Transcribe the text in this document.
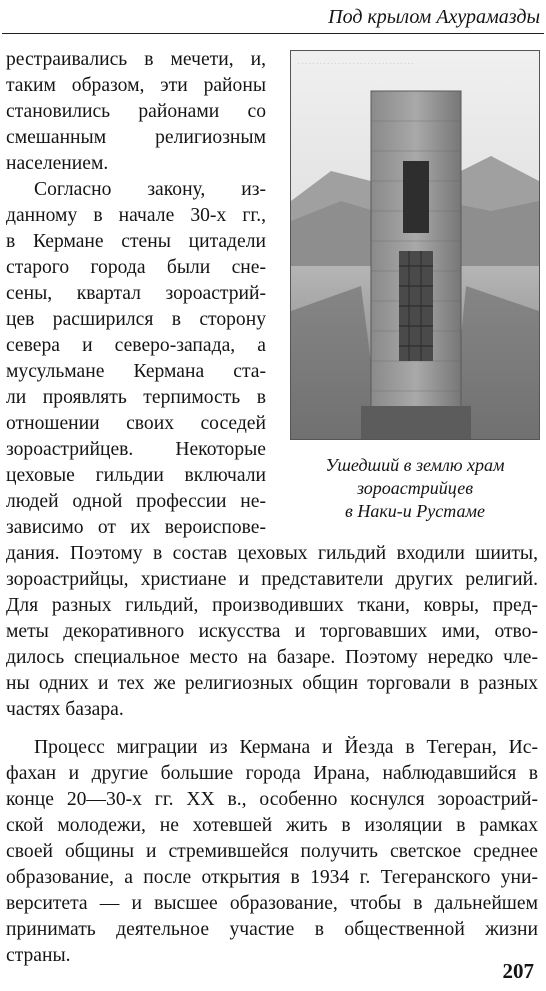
Под крылом Ахурамазды
································
Ушедший в землю храм
зороастрийцев
в Наки-и Рустаме
рестраивались в мечети, и,
таким образом, эти районы
становились районами со
смешанным религиозным
населением.
Согласно закону, из-
данному в начале 30-х гг.,
в Кермане стены цитадели
старого города были сне-
сены, квартал зороастрий-
цев расширился в сторону
севера и северо-запада, а
мусульмане Кермана ста-
ли проявлять терпимость в
отношении своих соседей
зороастрийцев. Некоторые
цеховые гильдии включали
людей одной профессии не-
зависимо от их вероиспове-
дания. Поэтому в состав цеховых гильдий входили шииты,
зороастрийцы, христиане и представители других религий.
Для разных гильдий, производивших ткани, ковры, пред-
меты декоративного искусства и торговавших ими, отво-
дилось специальное место на базаре. Поэтому нередко чле-
ны одних и тех же религиозных общин торговали в разных
частях базара.
Процесс миграции из Кермана и Йезда в Тегеран, Ис-
фахан и другие большие города Ирана, наблюдавшийся в
конце 20—30-х гг. XX в., особенно коснулся зороастрий-
ской молодежи, не хотевшей жить в изоляции в рамках
своей общины и стремившейся получить светское среднее
образование, а после открытия в 1934 г. Тегеранского уни-
верситета — и высшее образование, чтобы в дальнейшем
принимать деятельное участие в общественной жизни
страны.
207
